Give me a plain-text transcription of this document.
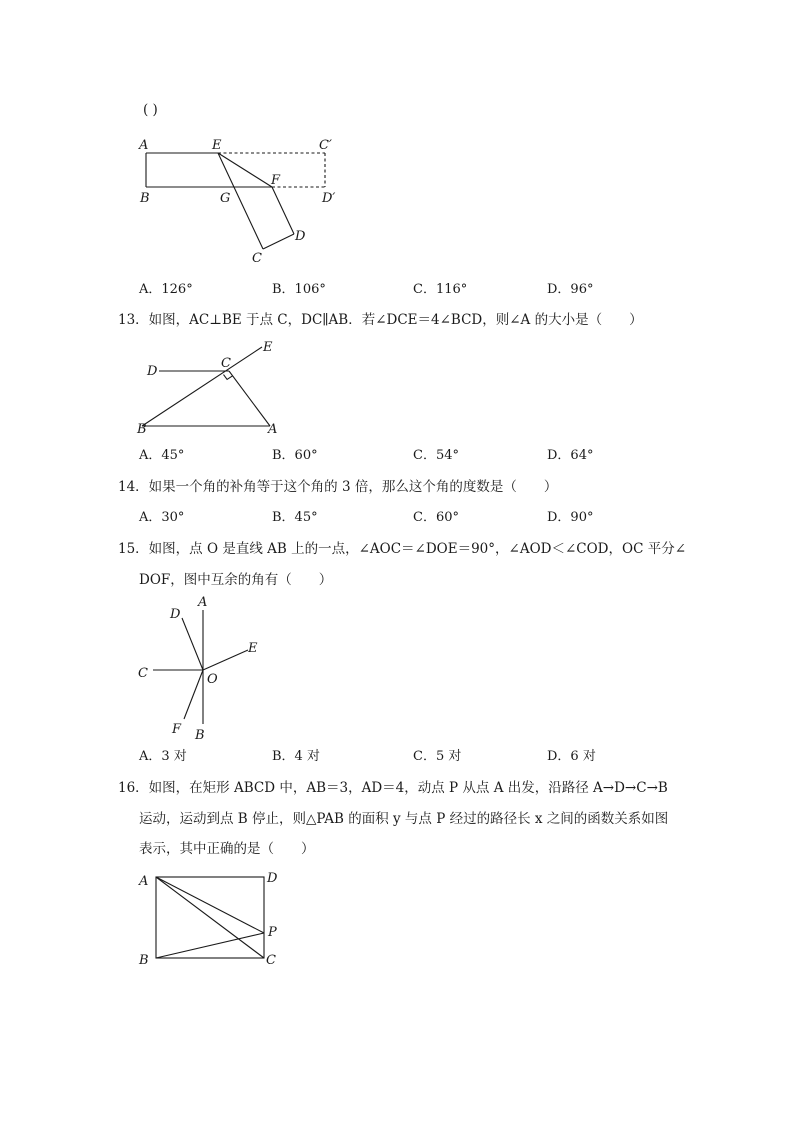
( )
A	E	C′
B	G
F
D′
D
C
A．126°	B．106°	C．116°	D．96°
13．如图，AC⊥BE 于点 C，DC∥AB．若∠DCE＝4∠BCD，则∠A 的大小是（　　）
D
C
E
B	A
A．45°	B．60°	C．54°	D．64°
14．如果一个角的补角等于这个角的 3 倍，那么这个角的度数是（　　）
A．30°	B．45°	C．60°	D．90°
15．如图，点 O 是直线 AB 上的一点，∠AOC＝∠DOE＝90°，∠AOD＜∠COD，OC 平分∠
DOF，图中互余的角有（　　）
D
A
E
C	O
F B
A．3 对	B．4 对	C．5 对	D．6 对
16．如图，在矩形 ABCD 中，AB＝3，AD＝4，动点 P 从点 A 出发，沿路径 A→D→C→B
运动，运动到点 B 停止，则△PAB 的面积 y 与点 P 经过的路径长 x 之间的函数关系如图
表示，其中正确的是（　　）
A	D
P
B	C
